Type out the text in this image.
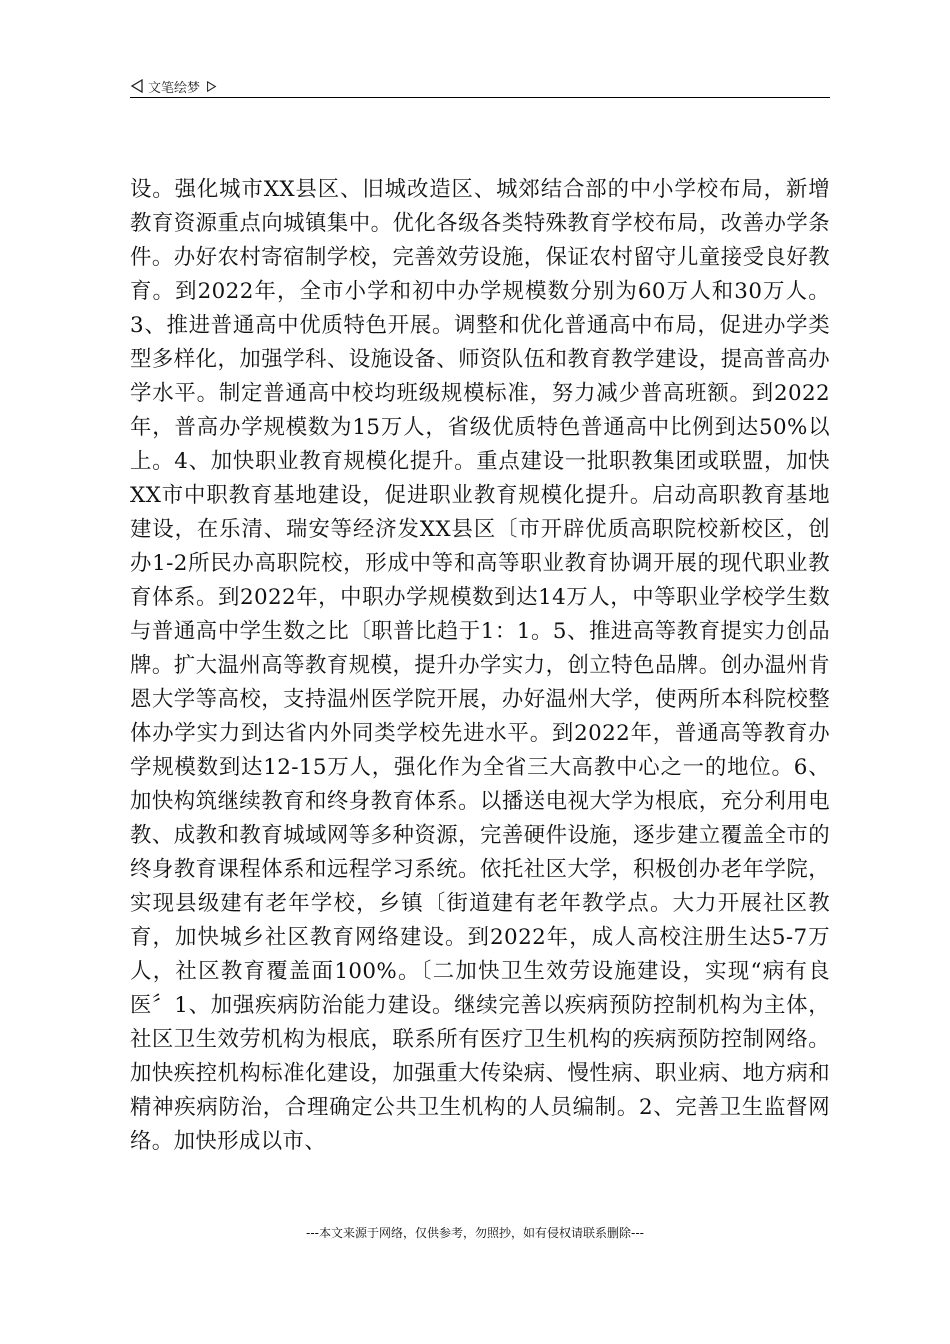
文笔绘梦

设。强化城市XX县区、旧城改造区、城郊结合部的中小学校布局，新增教育资源重点向城镇集中。优化各级各类特殊教育学校布局，改善办学条件。办好农村寄宿制学校，完善效劳设施，保证农村留守儿童接受良好教育。到2022年，全市小学和初中办学规模数分别为60万人和30万人。3、推进普通高中优质特色开展。调整和优化普通高中布局，促进办学类型多样化，加强学科、设施设备、师资队伍和教育教学建设，提高普高办学水平。制定普通高中校均班级规模标准，努力减少普高班额。到2022年，普高办学规模数为15万人，省级优质特色普通高中比例到达50%以上。4、加快职业教育规模化提升。重点建设一批职教集团或联盟，加快XX市中职教育基地建设，促进职业教育规模化提升。启动高职教育基地建设，在乐清、瑞安等经济发XX县区〔市开辟优质高职院校新校区，创办1-2所民办高职院校，形成中等和高等职业教育协调开展的现代职业教育体系。到2022年，中职办学规模数到达14万人，中等职业学校学生数与普通高中学生数之比〔职普比趋于1：1。5、推进高等教育提实力创品牌。扩大温州高等教育规模，提升办学实力，创立特色品牌。创办温州肯恩大学等高校，支持温州医学院开展，办好温州大学，使两所本科院校整体办学实力到达省内外同类学校先进水平。到2022年，普通高等教育办学规模数到达12-15万人，强化作为全省三大高教中心之一的地位。6、加快构筑继续教育和终身教育体系。以播送电视大学为根底，充分利用电教、成教和教育城域网等多种资源，完善硬件设施，逐步建立覆盖全市的终身教育课程体系和远程学习系统。依托社区大学，积极创办老年学院，实现县级建有老年学校，乡镇〔街道建有老年教学点。大力开展社区教育，加快城乡社区教育网络建设。到2022年，成人高校注册生达5-7万人，社区教育覆盖面100%。〔二加快卫生效劳设施建设，实现“病有良医〞1、加强疾病防治能力建设。继续完善以疾病预防控制机构为主体，社区卫生效劳机构为根底，联系所有医疗卫生机构的疾病预防控制网络。加快疾控机构标准化建设，加强重大传染病、慢性病、职业病、地方病和精神疾病防治，合理确定公共卫生机构的人员编制。2、完善卫生监督网络。加快形成以市、

---本文来源于网络，仅供参考，勿照抄，如有侵权请联系删除---
